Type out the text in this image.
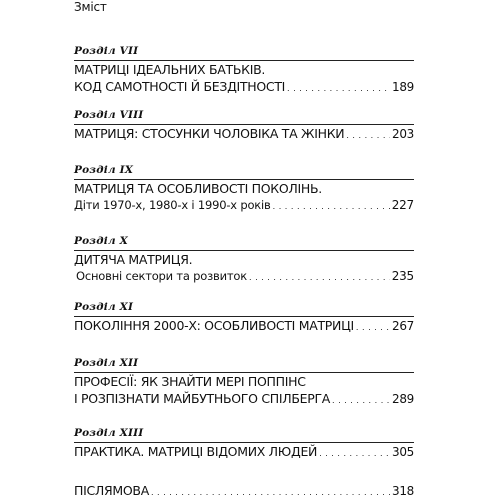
Зміст
Розділ VII
МАТРИЦІ ІДЕАЛЬНИХ БАТЬКІВ.
КОД САМОТНОСТІ Й БЕЗДІТНОСТІ . . .	189
Розділ VIII
МАТРИЦЯ: СТОСУНКИ ЧОЛОВІКА ТА ЖІНКИ . . .	203
Розділ IX
МАТРИЦЯ ТА ОСОБЛИВОСТІ ПОКОЛІНЬ.
Діти 1970-х, 1980-х і 1990-х років . . .	227
Розділ X
ДИТЯЧА МАТРИЦЯ.
Основні сектори та розвиток . . .	235
Розділ XI
ПОКОЛІННЯ 2000-Х: ОСОБЛИВОСТІ МАТРИЦІ . . .	267
Розділ XII
ПРОФЕСІЇ: ЯК ЗНАЙТИ МЕРІ ПОППІНС
І РОЗПІЗНАТИ МАЙБУТНЬОГО СПІЛБЕРГА . . .	289
Розділ XIII
ПРАКТИКА. МАТРИЦІ ВІДОМИХ ЛЮДЕЙ . . .	305
ПІСЛЯМОВА . . .	318
